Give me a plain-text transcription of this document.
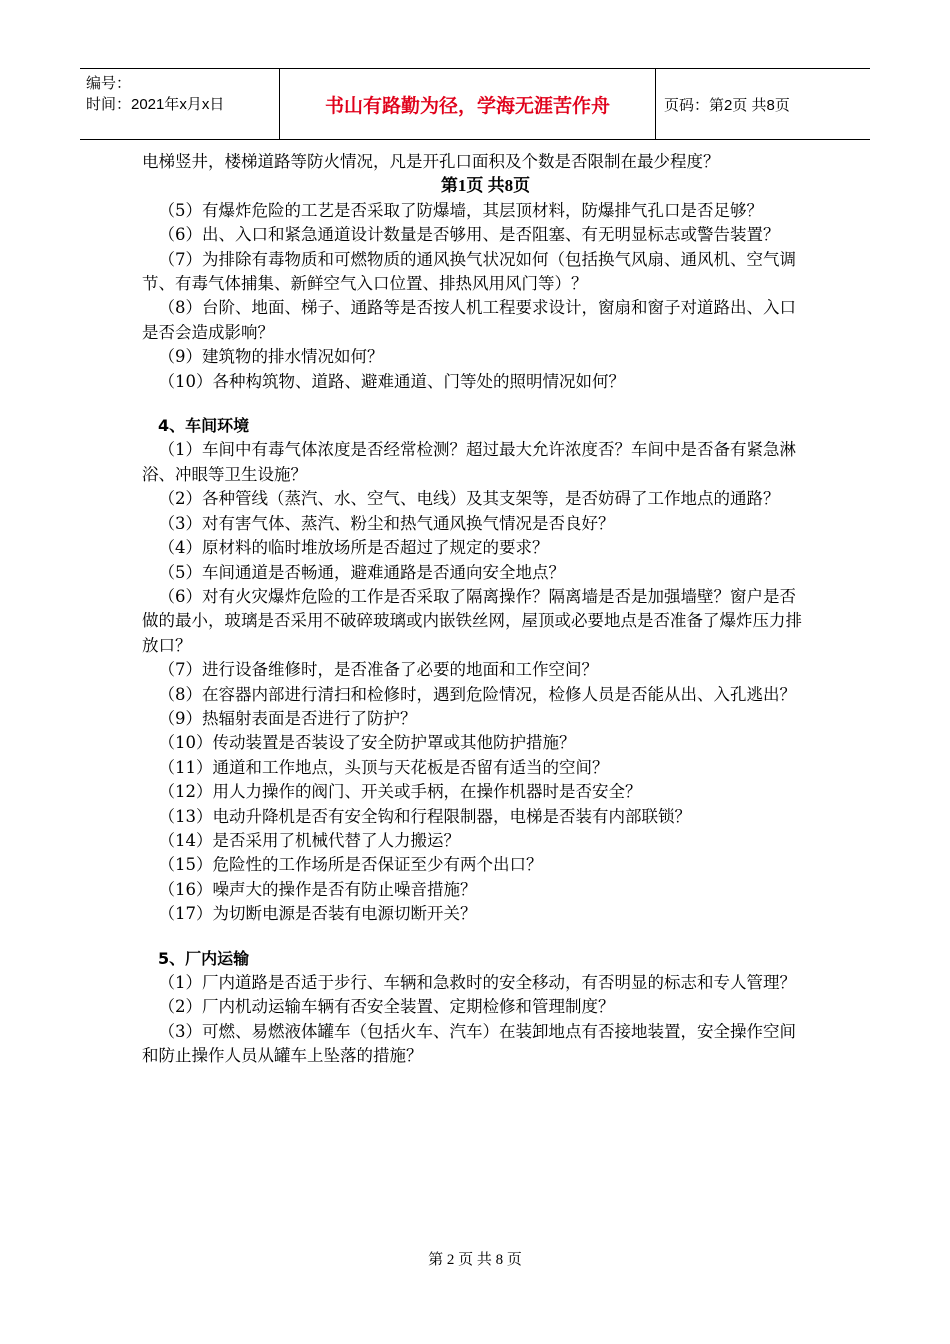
编号：
时间：2021年x月x日	书山有路勤为径，学海无涯苦作舟	页码：第2页 共8页

电梯竖井，楼梯道路等防火情况，凡是开孔口面积及个数是否限制在最少程度？

第1页 共8页

（5）有爆炸危险的工艺是否采取了防爆墙，其层顶材料，防爆排气孔口是否足够？

（6）出、入口和紧急通道设计数量是否够用、是否阻塞、有无明显标志或警告装置？

（7）为排除有毒物质和可燃物质的通风换气状况如何（包括换气风扇、通风机、空气调节、有毒气体捕集、新鲜空气入口位置、排热风用风门等）？

（8）台阶、地面、梯子、通路等是否按人机工程要求设计，窗扇和窗子对道路出、入口是否会造成影响？

（9）建筑物的排水情况如何？

（10）各种构筑物、道路、避难通道、门等处的照明情况如何？

4、车间环境

（1）车间中有毒气体浓度是否经常检测？超过最大允许浓度否？车间中是否备有紧急淋浴、冲眼等卫生设施？

（2）各种管线（蒸汽、水、空气、电线）及其支架等，是否妨碍了工作地点的通路？

（3）对有害气体、蒸汽、粉尘和热气通风换气情况是否良好？

（4）原材料的临时堆放场所是否超过了规定的要求？

（5）车间通道是否畅通，避难通路是否通向安全地点？

（6）对有火灾爆炸危险的工作是否采取了隔离操作？隔离墙是否是加强墙壁？窗户是否做的最小，玻璃是否采用不破碎玻璃或内嵌铁丝网，屋顶或必要地点是否准备了爆炸压力排放口？

（7）进行设备维修时，是否准备了必要的地面和工作空间？

（8）在容器内部进行清扫和检修时，遇到危险情况，检修人员是否能从出、入孔逃出？

（9）热辐射表面是否进行了防护？

（10）传动装置是否装设了安全防护罩或其他防护措施？

（11）通道和工作地点，头顶与天花板是否留有适当的空间？

（12）用人力操作的阀门、开关或手柄，在操作机器时是否安全？

（13）电动升降机是否有安全钩和行程限制器，电梯是否装有内部联锁？

（14）是否采用了机械代替了人力搬运？

（15）危险性的工作场所是否保证至少有两个出口？

（16）噪声大的操作是否有防止噪音措施？

（17）为切断电源是否装有电源切断开关？

5、厂内运输

（1）厂内道路是否适于步行、车辆和急救时的安全移动，有否明显的标志和专人管理？

（2）厂内机动运输车辆有否安全装置、定期检修和管理制度？

（3）可燃、易燃液体罐车（包括火车、汽车）在装卸地点有否接地装置，安全操作空间和防止操作人员从罐车上坠落的措施？

第 2 页 共 8 页
